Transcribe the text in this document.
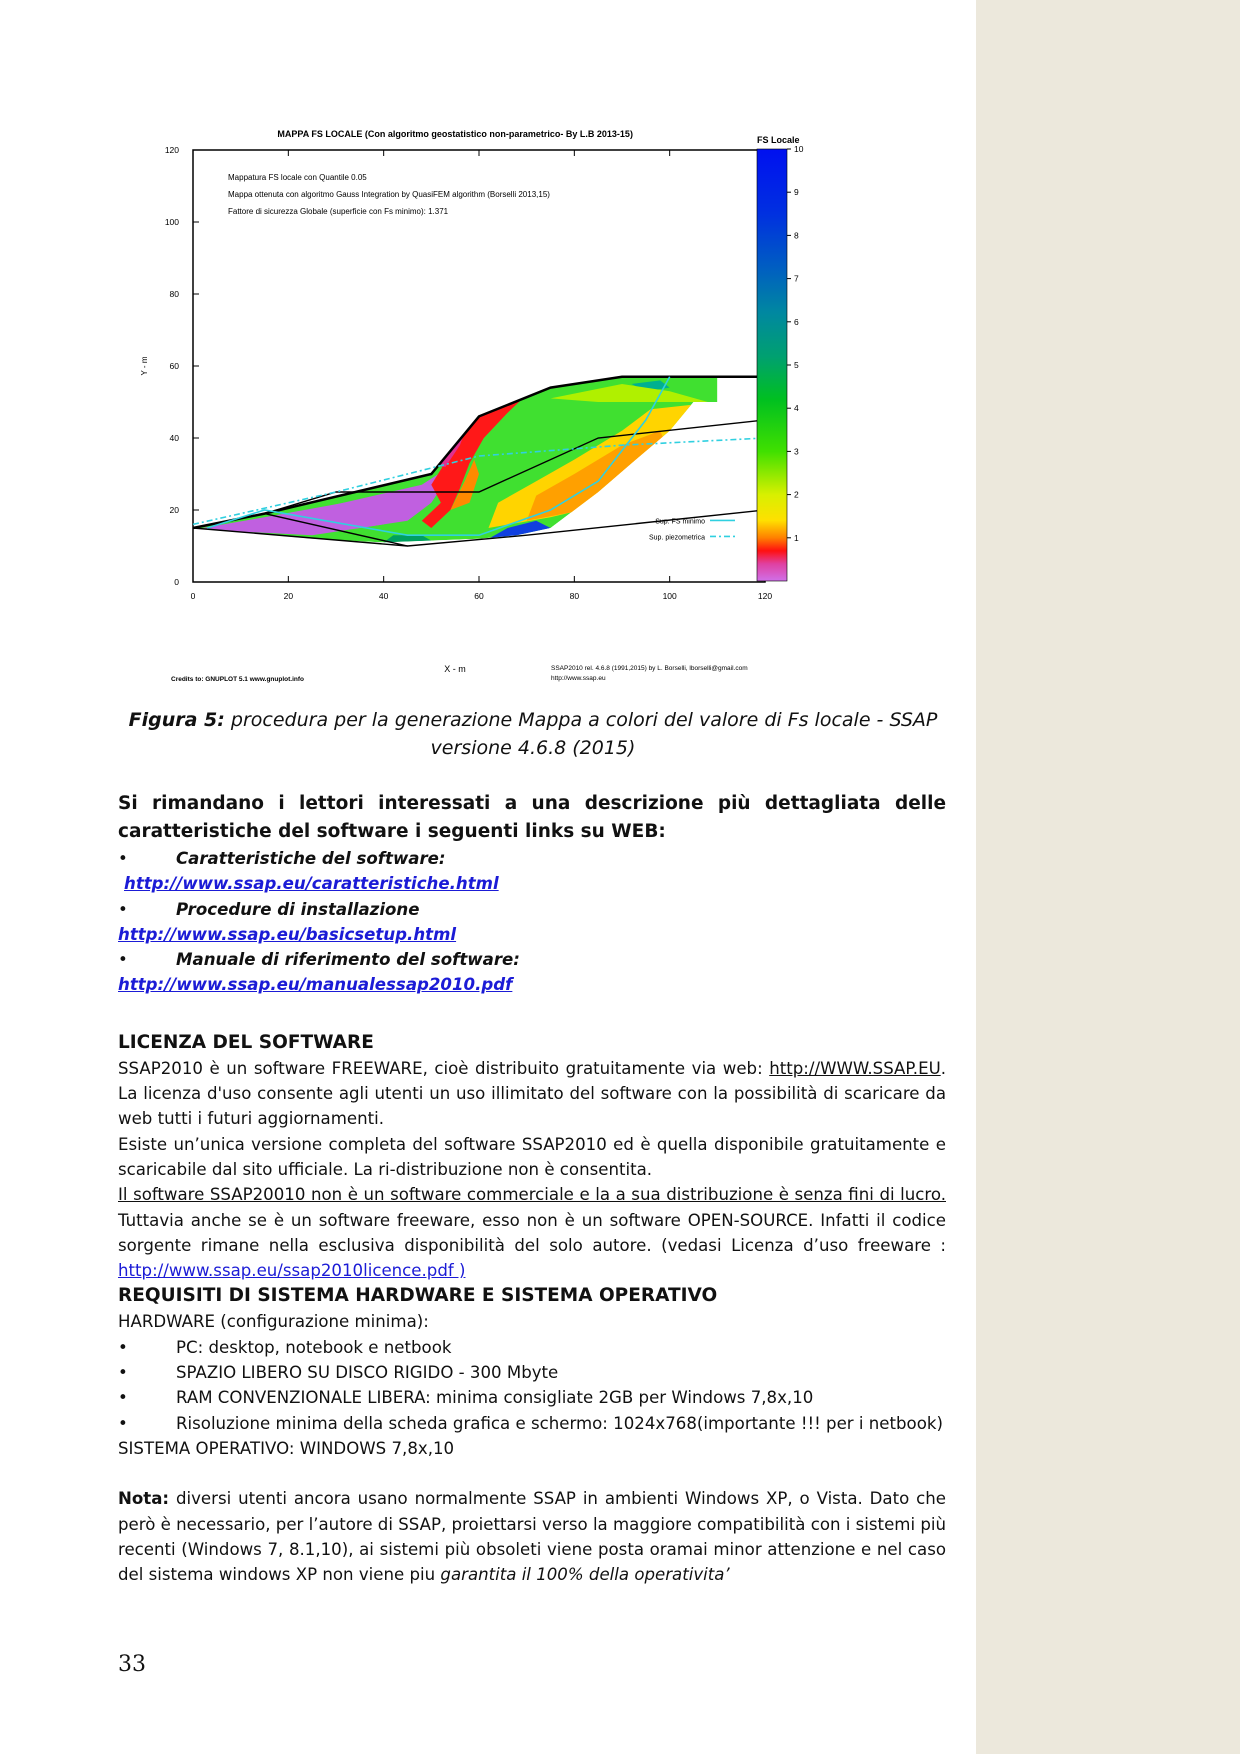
MAPPA FS LOCALE (Con algoritmo geostatistico non-parametrico- By L.B 2013-15)
0
0
20
20
40
40
60
60
80
80
100
100
120
120
Mappatura FS locale con Quantile 0.05
Mappa ottenuta con algoritmo Gauss Integration by QuasiFEM algorithm (Borselli 2013,15)
Fattore di sicurezza Globale (superficie con Fs minimo): 1.371
Sup. FS minimo
Sup. piezometrica
Y - m
X - m
FS Locale
1
2
3
4
5
6
7
8
9
10
Credits to: GNUPLOT 5.1 www.gnuplot.info
SSAP2010 rel. 4.6.8 (1991,2015) by L. Borselli, lborselli@gmail.com
http://www.ssap.eu
Figura 5: procedura per la generazione Mappa a colori del valore di Fs locale - SSAP versione 4.6.8 (2015)
Si rimandano i lettori interessati a una descrizione più dettagliata delle caratteristiche del software i seguenti links su WEB:
•	Caratteristiche del software:
http://www.ssap.eu/caratteristiche.html
•	Procedure di installazione
http://www.ssap.eu/basicsetup.html
•	Manuale di riferimento del software:
http://www.ssap.eu/manualessap2010.pdf
LICENZA DEL SOFTWARE
SSAP2010 è un software FREEWARE, cioè distribuito gratuitamente via web: http://WWW.SSAP.EU. La licenza d'uso consente agli utenti un uso illimitato del software con la possibilità di scaricare da web tutti i futuri aggiornamenti.
Esiste un’unica versione completa del software SSAP2010 ed è quella disponibile gratuitamente e scaricabile dal sito ufficiale. La ri-distribuzione non è consentita.
Il software SSAP20010 non è un software commerciale e la a sua distribuzione è senza fini di lucro. Tuttavia anche se è un software freeware, esso non è un software OPEN-SOURCE. Infatti il codice sorgente rimane nella esclusiva disponibilità del solo autore. (vedasi Licenza d’uso freeware : http://www.ssap.eu/ssap2010licence.pdf )
REQUISITI DI SISTEMA HARDWARE E SISTEMA OPERATIVO
HARDWARE (configurazione minima):
•	PC: desktop, notebook e netbook
•	SPAZIO LIBERO SU DISCO RIGIDO - 300 Mbyte
•	RAM CONVENZIONALE LIBERA: minima consigliate 2GB per Windows 7,8x,10
•	Risoluzione minima della scheda grafica e schermo: 1024x768(importante !!! per i netbook)
SISTEMA OPERATIVO: WINDOWS 7,8x,10
Nota: diversi utenti ancora usano normalmente SSAP in ambienti Windows XP, o Vista. Dato che però è necessario, per l’autore di SSAP, proiettarsi verso la maggiore compatibilità con i sistemi più recenti (Windows 7, 8.1,10), ai sistemi più obsoleti viene posta oramai minor attenzione e nel caso del sistema windows XP non viene piu garantita il 100% della operativita’
33
